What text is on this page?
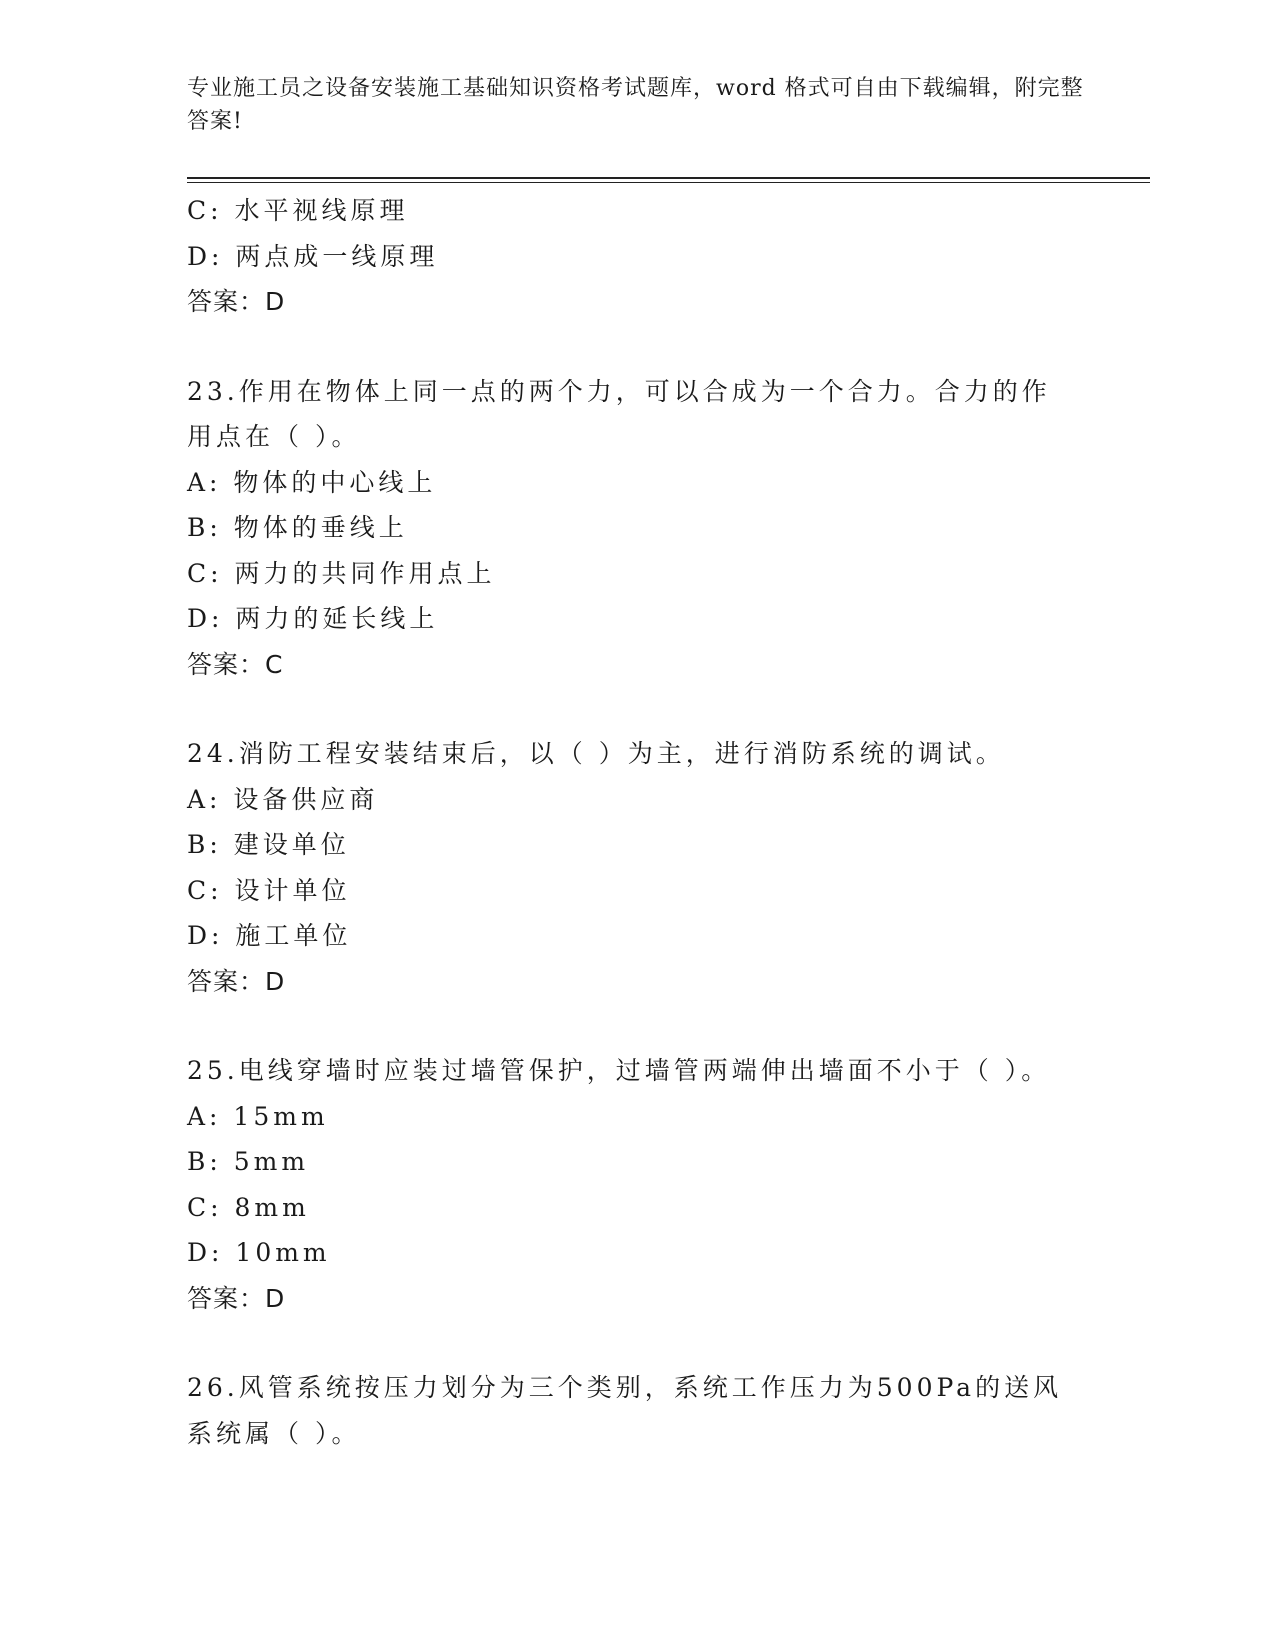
专业施工员之设备安装施工基础知识资格考试题库，word 格式可自由下载编辑，附完整答案!
C: 水平视线原理
D: 两点成一线原理
答案：D
23.作用在物体上同一点的两个力，可以合成为一个合力。合力的作用点在（ ）。
A: 物体的中心线上
B: 物体的垂线上
C: 两力的共同作用点上
D: 两力的延长线上
答案：C
24.消防工程安装结束后，以（ ）为主，进行消防系统的调试。
A: 设备供应商
B: 建设单位
C: 设计单位
D: 施工单位
答案：D
25.电线穿墙时应装过墙管保护，过墙管两端伸出墙面不小于（ ）。
A: 15mm
B: 5mm
C: 8mm
D: 10mm
答案：D
26.风管系统按压力划分为三个类别，系统工作压力为500Pa的送风系统属（ ）。
